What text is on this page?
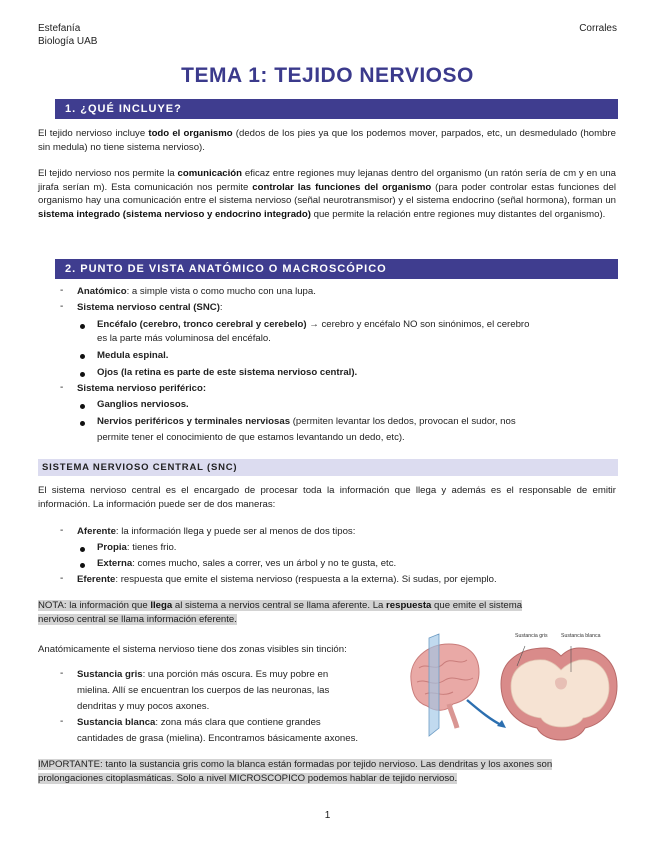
Estefanía
Biología UAB
Corrales
TEMA 1: TEJIDO NERVIOSO
1. ¿QUÉ INCLUYE?
El tejido nervioso incluye todo el organismo (dedos de los pies ya que los podemos mover, parpados, etc, un desmedulado (hombre sin medula) no tiene sistema nervioso).
El tejido nervioso nos permite la comunicación eficaz entre regiones muy lejanas dentro del organismo (un ratón sería de cm y en una jirafa serían m). Esta comunicación nos permite controlar las funciones del organismo (para poder controlar estas funciones del organismo hay una comunicación entre el sistema nervioso (señal neurotransmisor) y el sistema endocrino (señal hormona), forman un sistema integrado (sistema nervioso y endocrino integrado) que permite la relación entre regiones muy distantes del organismo).
2. PUNTO DE VISTA ANATÓMICO O MACROSCÓPICO
- Anatómico: a simple vista o como mucho con una lupa.
- Sistema nervioso central (SNC):
Encéfalo (cerebro, tronco cerebral y cerebelo) → cerebro y encéfalo NO son sinónimos, el cerebro
es la parte más voluminosa del encéfalo.
Medula espinal.
Ojos (la retina es parte de este sistema nervioso central).
- Sistema nervioso periférico:
Ganglios nerviosos.
Nervios periféricos y terminales nerviosas (permiten levantar los dedos, provocan el sudor, nos
permite tener el conocimiento de que estamos levantando un dedo, etc).
SISTEMA NERVIOSO CENTRAL (SNC)
El sistema nervioso central es el encargado de procesar toda la información que llega y además es el responsable de emitir información. La información puede ser de dos maneras:
- Aferente: la información llega y puede ser al menos de dos tipos:
Propia: tienes frio.
Externa: comes mucho, sales a correr, ves un árbol y no te gusta, etc.
- Eferente: respuesta que emite el sistema nervioso (respuesta a la externa). Si sudas, por ejemplo.
NOTA: la información que llega al sistema a nervios central se llama aferente. La respuesta que emite el sistema
nervioso central se llama información eferente.
Anatómicamente el sistema nervioso tiene dos zonas visibles sin tinción:
- Sustancia gris: una porción más oscura. Es muy pobre en
mielina. Allí se encuentran los cuerpos de las neuronas, las
dendritas y muy pocos axones.
- Sustancia blanca: zona más clara que contiene grandes
cantidades de grasa (mielina). Encontramos básicamente axones.
Sustancia gris	Sustancia blanca
IMPORTANTE: tanto la sustancia gris como la blanca están formadas por tejido nervioso. Las dendritas y los axones son
prolongaciones citoplasmáticas. Solo a nivel MICROSCOPICO podemos hablar de tejido nervioso.
1
